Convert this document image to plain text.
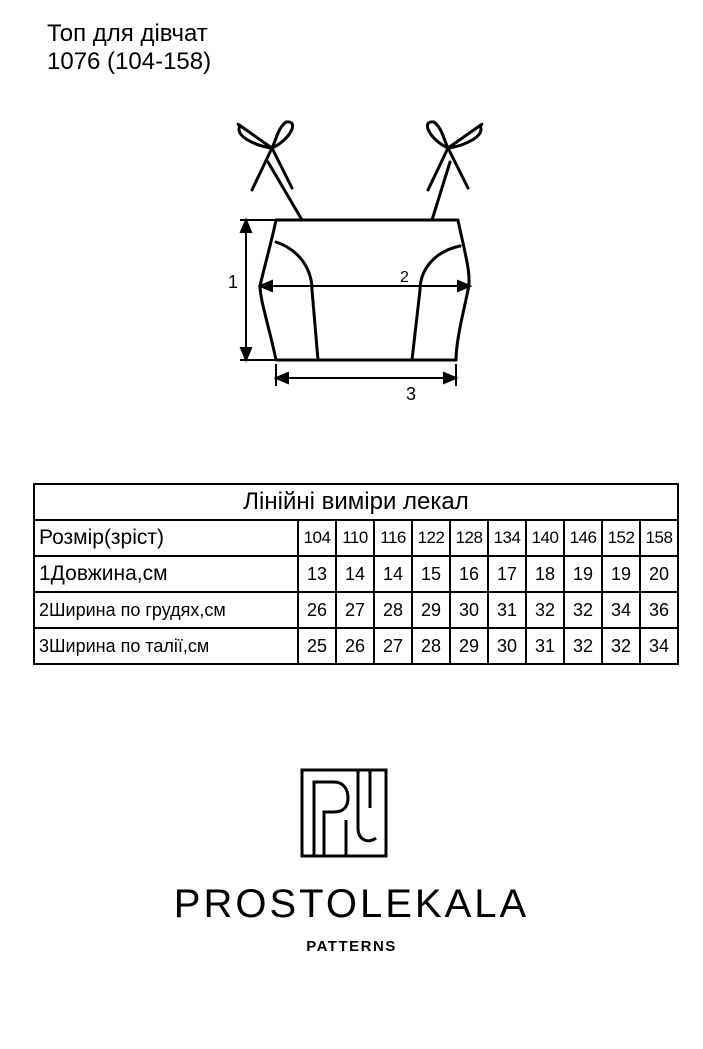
Топ для дівчат
1076 (104-158)
1	2
3
Лінійні виміри лекал										
Розмір(зріст)	104	110	116	122	128	134	140	146	152	158
1Довжина,см	13	14	14	15	16	17	18	19	19	20
2Ширина по грудях,см	26	27	28	29	30	31	32	32	34	36
3Ширина по талії,см	25	26	27	28	29	30	31	32	32	34
PROSTOLEKALA
PATTERNS
